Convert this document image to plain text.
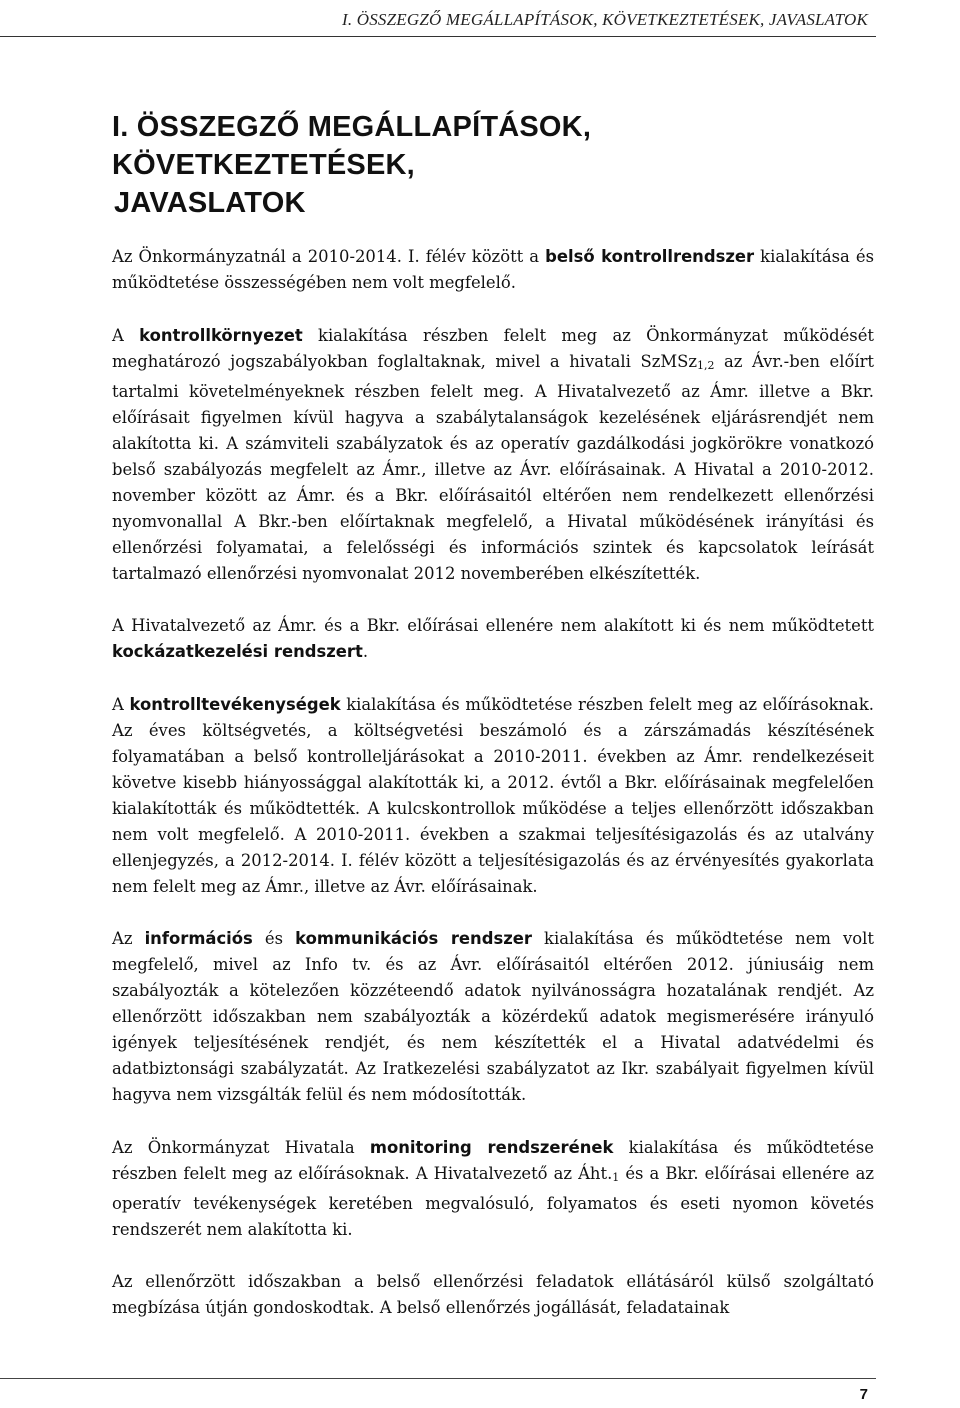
I. ÖSSZEGZŐ MEGÁLLAPÍTÁSOK, KÖVETKEZTETÉSEK, JAVASLATOK
I. ÖSSZEGZŐ MEGÁLLAPÍTÁSOK, KÖVETKEZTETÉSEK,
JAVASLATOK

Az Önkormányzatnál a 2010-2014. I. félév között a belső kontrollrendszer kialakítása és működtetése összességében nem volt megfelelő.

A kontrollkörnyezet kialakítása részben felelt meg az Önkormányzat működését meghatározó jogszabályokban foglaltaknak, mivel a hivatali SzMSz1,2 az Ávr.-ben előírt tartalmi követelményeknek részben felelt meg. A Hivatalvezető az Ámr. illetve a Bkr. előírásait figyelmen kívül hagyva a szabálytalanságok kezelésének eljárásrendjét nem alakította ki. A számviteli szabályzatok és az operatív gazdálkodási jogkörökre vonatkozó belső szabályozás megfelelt az Ámr., illetve az Ávr. előírásainak. A Hivatal a 2010-2012. november között az Ámr. és a Bkr. előírásaitól eltérően nem rendelkezett ellenőrzési nyomvonallal A Bkr.-ben előírtaknak megfelelő, a Hivatal működésének irányítási és ellenőrzési folyamatai, a felelősségi és információs szintek és kapcsolatok leírását tartalmazó ellenőrzési nyomvonalat 2012 novemberében elkészítették.

A Hivatalvezető az Ámr. és a Bkr. előírásai ellenére nem alakított ki és nem működtetett kockázatkezelési rendszert.

A kontrolltevékenységek kialakítása és működtetése részben felelt meg az előírásoknak. Az éves költségvetés, a költségvetési beszámoló és a zárszámadás készítésének folyamatában a belső kontrolleljárásokat a 2010-2011. években az Ámr. rendelkezéseit követve kisebb hiányossággal alakították ki, a 2012. évtől a Bkr. előírásainak megfelelően kialakították és működtették. A kulcskontrollok működése a teljes ellenőrzött időszakban nem volt megfelelő. A 2010-2011. években a szakmai teljesítésigazolás és az utalvány ellenjegyzés, a 2012-2014. I. félév között a teljesítésigazolás és az érvényesítés gyakorlata nem felelt meg az Ámr., illetve az Ávr. előírásainak.

Az információs és kommunikációs rendszer kialakítása és működtetése nem volt megfelelő, mivel az Info tv. és az Ávr. előírásaitól eltérően 2012. júniusáig nem szabályozták a kötelezően közzéteendő adatok nyilvánosságra hozatalának rendjét. Az ellenőrzött időszakban nem szabályozták a közérdekű adatok megismerésére irányuló igények teljesítésének rendjét, és nem készítették el a Hivatal adatvédelmi és adatbiztonsági szabályzatát. Az Iratkezelési szabályzatot az Ikr. szabályait figyelmen kívül hagyva nem vizsgálták felül és nem módosították.

Az Önkormányzat Hivatala monitoring rendszerének kialakítása és működtetése részben felelt meg az előírásoknak. A Hivatalvezető az Áht.1 és a Bkr. előírásai ellenére az operatív tevékenységek keretében megvalósuló, folyamatos és eseti nyomon követés rendszerét nem alakította ki.

Az ellenőrzött időszakban a belső ellenőrzési feladatok ellátásáról külső szolgáltató megbízása útján gondoskodtak. A belső ellenőrzés jogállását, feladatainak

7
